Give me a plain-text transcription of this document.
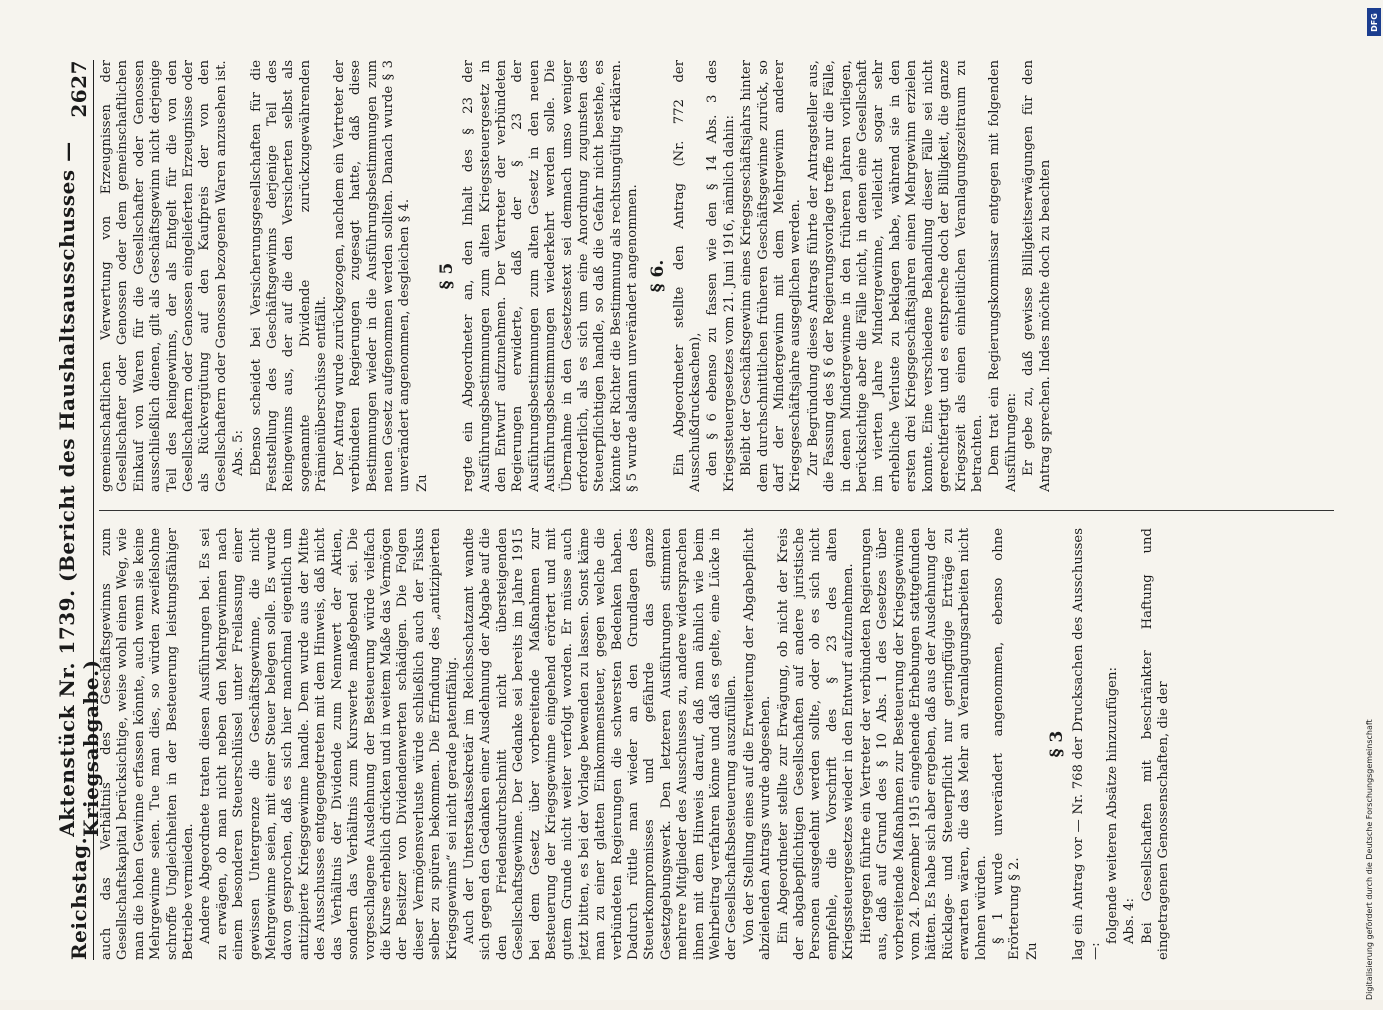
Reichstag.
Aktenstück Nr. 1739. (Bericht des Haushaltsausschusses — Kriegsabgabe.)
2627

auch das Verhältnis des Geschäftsgewinns zum Gesellschaftskapital berücksichtige, weise wohl einen Weg, wie man die hohen Gewinne erfassen könnte, auch wenn sie keine Mehrgewinne seien. Tue man dies, so würden zweifelsohne schroffe Ungleichheiten in der Besteuerung leistungsfähiger Betriebe vermieden. Andere Abgeordnete traten diesen Ausführungen bei. Es sei zu erwägen, ob man nicht neben den Mehrgewinnen nach einem besonderen Steuerschlüssel unter Freilassung einer gewissen Untergrenze die Geschäftsgewinne, die nicht Mehrgewinne seien, mit einer Steuer belegen solle. Es wurde davon gesprochen, daß es sich hier manchmal eigentlich um antizipierte Kriegsgewinne handle. Dem wurde aus der Mitte des Ausschusses entgegengetreten mit dem Hinweis, daß nicht das Verhältnis der Dividende zum Nennwert der Aktien, sondern das Verhältnis zum Kurswerte maßgebend sei. Die vorgeschlagene Ausdehnung der Besteuerung würde vielfach die Kurse erheblich drücken und in weitem Maße das Vermögen der Besitzer von Dividendenwerten schädigen. Die Folgen dieser Vermögensverluste würde schließlich auch der Fiskus selber zu spüren bekommen. Die Erfindung des „antizipierten Kriegsgewinns“ sei nicht gerade patentfähig. Auch der Unterstaatssekretär im Reichsschatzamt wandte sich gegen den Gedanken einer Ausdehnung der Abgabe auf die den Friedensdurchschnitt nicht übersteigenden Gesellschaftsgewinne. Der Gedanke sei bereits im Jahre 1915 bei dem Gesetz über vorbereitende Maßnahmen zur Besteuerung der Kriegsgewinne eingehend erörtert und mit gutem Grunde nicht weiter verfolgt worden. Er müsse auch jetzt bitten, es bei der Vorlage bewenden zu lassen. Sonst käme man zu einer glatten Einkommensteuer, gegen welche die verbündeten Regierungen die schwersten Bedenken haben. Dadurch rüttle man wieder an den Grundlagen des Steuerkompromisses und gefährde das ganze Gesetzgebungswerk. Den letzteren Ausführungen stimmten mehrere Mitglieder des Ausschusses zu, andere widersprachen ihnen mit dem Hinweis darauf, daß man ähnlich wie beim Wehrbeitrag verfahren könne und daß es gelte, eine Lücke in der Gesellschaftsbesteuerung auszufüllen. Von der Stellung eines auf die Erweiterung der Abgabepflicht abzielenden Antrags wurde abgesehen. Ein Abgeordneter stellte zur Erwägung, ob nicht der Kreis der abgabepflichtigen Gesellschaften auf andere juristische Personen ausgedehnt werden sollte, oder ob es sich nicht empfehle, die Vorschrift des § 23 des alten Kriegssteuergesetzes wieder in den Entwurf aufzunehmen. Hiergegen führte ein Vertreter der verbündeten Regierungen aus, daß auf Grund des § 10 Abs. 1 des Gesetzes über vorbereitende Maßnahmen zur Besteuerung der Kriegsgewinne vom 24. Dezember 1915 eingehende Erhebungen stattgefunden hätten. Es habe sich aber ergeben, daß aus der Ausdehnung der Rücklage- und Steuerpflicht nur geringfügige Erträge zu erwarten wären, die das Mehr an Veranlagungsarbeiten nicht lohnen würden. § 1 wurde unverändert angenommen, ebenso ohne Erörterung § 2. Zu

§ 3 lag ein Antrag vor — Nr. 768 der Drucksachen des Ausschusses —:

folgende weiteren Absätze hinzuzufügen: Abs. 4: Bei Gesellschaften mit beschränkter Haftung und eingetragenen Genossenschaften, die der

gemeinschaftlichen Verwertung von Erzeugnissen der Gesellschafter oder Genossen oder dem gemeinschaftlichen Einkauf von Waren für die Gesellschafter oder Genossen ausschließlich dienen, gilt als Geschäftsgewinn nicht derjenige Teil des Reingewinns, der als Entgelt für die von den Gesellschaftern oder Genossen eingelieferten Erzeugnisse oder als Rückvergütung auf den Kaufpreis der von den Gesellschaftern oder Genossen bezogenen Waren anzusehen ist. Abs. 5: Ebenso scheidet bei Versicherungsgesellschaften für die Feststellung des Geschäftsgewinns derjenige Teil des Reingewinns aus, der auf die den Versicherten selbst als sogenannte Dividende zurückzugewährenden Prämienüberschüsse entfällt. Der Antrag wurde zurückgezogen, nachdem ein Vertreter der verbündeten Regierungen zugesagt hatte, daß diese Bestimmungen wieder in die Ausführungsbestimmungen zum neuen Gesetz aufgenommen werden sollten. Danach wurde § 3 unverändert angenommen, desgleichen § 4. Zu

§ 5 regte ein Abgeordneter an, den Inhalt des § 23 der Ausführungsbestimmungen zum alten Kriegssteuergesetz in den Entwurf aufzunehmen. Der Vertreter der verbündeten Regierungen erwiderte, daß der § 23 der Ausführungsbestimmungen zum alten Gesetz in den neuen Ausführungsbestimmungen wiederkehrt werden solle. Die Übernahme in den Gesetzestext sei demnach umso weniger erforderlich, als es sich um eine Anordnung zugunsten des Steuerpflichtigen handle, so daß die Gefahr nicht bestehe, es könnte der Richter die Bestimmung als rechtsungültig erklären. § 5 wurde alsdann unverändert angenommen. § 6. Ein Abgeordneter stellte den Antrag (Nr. 772 der Ausschußdrucksachen), den § 6 ebenso zu fassen wie den § 14 Abs. 3 des Kriegssteuergesetzes vom 21. Juni 1916, nämlich dahin: Bleibt der Geschäftsgewinn eines Kriegsgeschäftsjahrs hinter dem durchschnittlichen früheren Geschäftsgewinne zurück, so darf der Mindergewinn mit dem Mehrgewinn anderer Kriegsgeschäftsjahre ausgeglichen werden. Zur Begründung dieses Antrags führte der Antragsteller aus, die Fassung des § 6 der Regierungsvorlage treffe nur die Fälle, in denen Mindergewinne in den früheren Jahren vorliegen, berücksichtige aber die Fälle nicht, in denen eine Gesellschaft im vierten Jahre Mindergewinne, vielleicht sogar sehr erhebliche Verluste zu beklagen habe, während sie in den ersten drei Kriegsgeschäftsjahren einen Mehrgewinn erzielen konnte. Eine verschiedene Behandlung dieser Fälle sei nicht gerechtfertigt und es entspreche doch der Billigkeit, die ganze Kriegszeit als einen einheitlichen Veranlagungszeitraum zu betrachten. Dem trat ein Regierungskommissar entgegen mit folgenden Ausführungen: Er gebe zu, daß gewisse Billigkeitserwägungen für den Antrag sprechen. Indes möchte doch zu beachten

DFG
Digitalisierung gefördert durch die Deutsche Forschungsgemeinschaft
